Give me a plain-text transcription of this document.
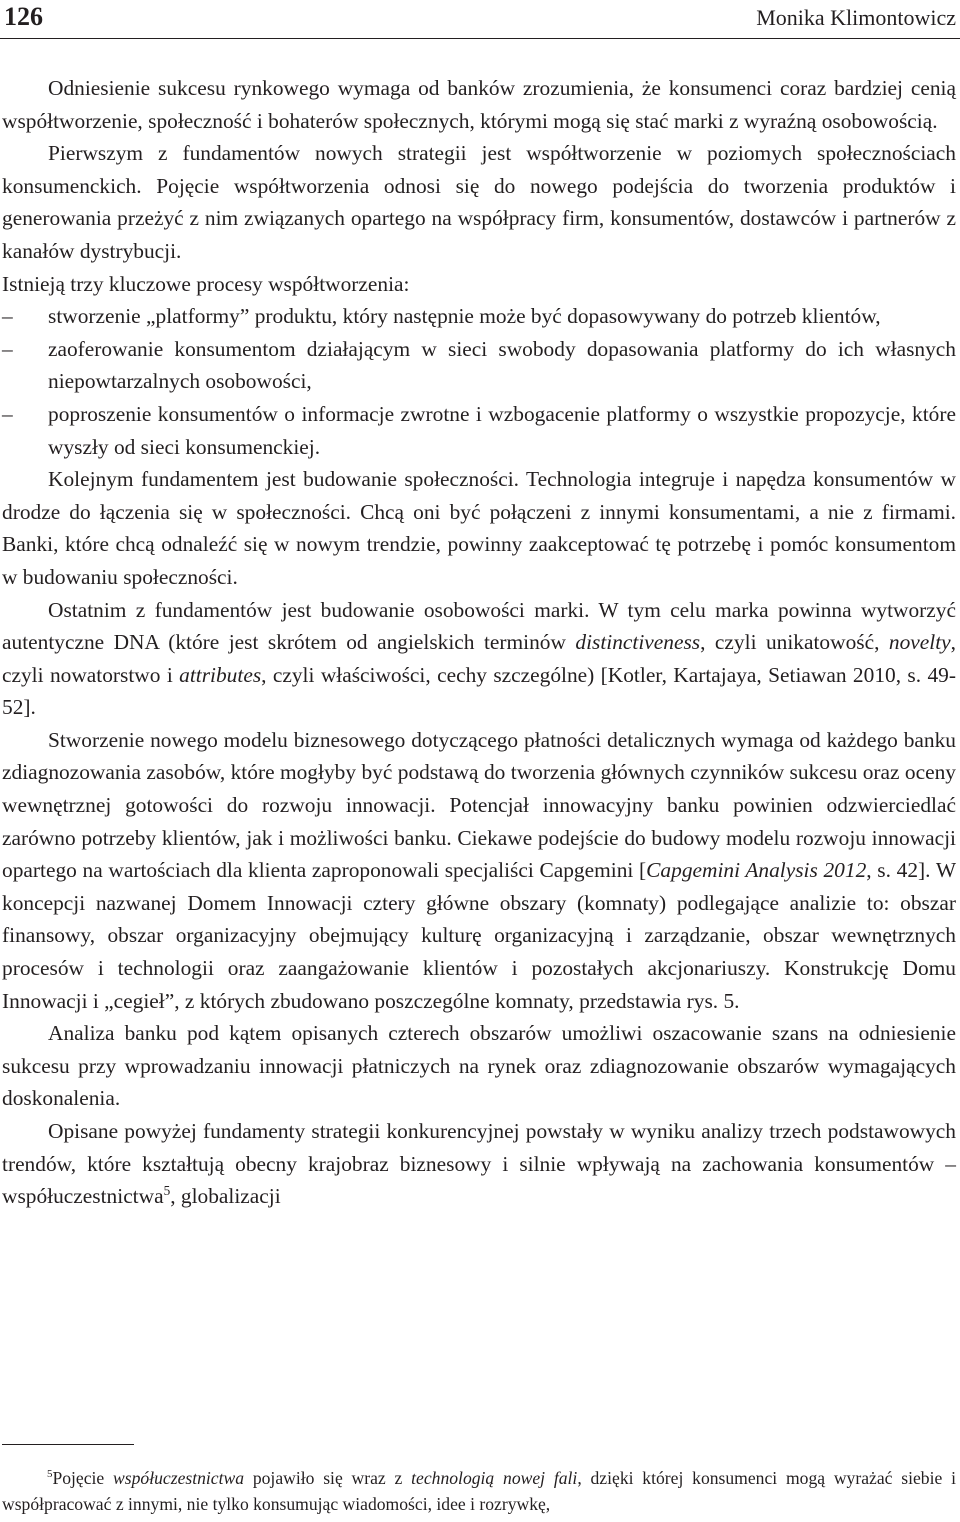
126	Monika Klimontowicz

Odniesienie sukcesu rynkowego wymaga od banków zrozumienia, że konsumenci coraz bardziej cenią współtworzenie, społeczność i bohaterów społecznych, którymi mogą się stać marki z wyraźną osobowością.

Pierwszym z fundamentów nowych strategii jest współtworzenie w poziomych społecznościach konsumenckich. Pojęcie współtworzenia odnosi się do nowego podejścia do tworzenia produktów i generowania przeżyć z nim związanych opartego na współpracy firm, konsumentów, dostawców i partnerów z kanałów dystrybucji.

Istnieją trzy kluczowe procesy współtworzenia:

–	stworzenie „platformy” produktu, który następnie może być dopasowywany do potrzeb klientów,
–	zaoferowanie konsumentom działającym w sieci swobody dopasowania platformy do ich własnych niepowtarzalnych osobowości,
–	poproszenie konsumentów o informacje zwrotne i wzbogacenie platformy o wszystkie propozycje, które wyszły od sieci konsumenckiej.

Kolejnym fundamentem jest budowanie społeczności. Technologia integruje i napędza konsumentów w drodze do łączenia się w społeczności. Chcą oni być połączeni z innymi konsumentami, a nie z firmami. Banki, które chcą odnaleźć się w nowym trendzie, powinny zaakceptować tę potrzebę i pomóc konsumentom w budowaniu społeczności.

Ostatnim z fundamentów jest budowanie osobowości marki. W tym celu marka powinna wytworzyć autentyczne DNA (które jest skrótem od angielskich terminów distinctiveness, czyli unikatowość, novelty, czyli nowatorstwo i attributes, czyli właściwości, cechy szczególne) [Kotler, Kartajaya, Setiawan 2010, s. 49-52].

Stworzenie nowego modelu biznesowego dotyczącego płatności detalicznych wymaga od każdego banku zdiagnozowania zasobów, które mogłyby być podstawą do tworzenia głównych czynników sukcesu oraz oceny wewnętrznej gotowości do rozwoju innowacji. Potencjał innowacyjny banku powinien odzwierciedlać zarówno potrzeby klientów, jak i możliwości banku. Ciekawe podejście do budowy modelu rozwoju innowacji opartego na wartościach dla klienta zaproponowali specjaliści Capgemini [Capgemini Analysis 2012, s. 42]. W koncepcji nazwanej Domem Innowacji cztery główne obszary (komnaty) podlegające analizie to: obszar finansowy, obszar organizacyjny obejmujący kulturę organizacyjną i zarządzanie, obszar wewnętrznych procesów i technologii oraz zaangażowanie klientów i pozostałych akcjonariuszy. Konstrukcję Domu Innowacji i „cegieł”, z których zbudowano poszczególne komnaty, przedstawia rys. 5.

Analiza banku pod kątem opisanych czterech obszarów umożliwi oszacowanie szans na odniesienie sukcesu przy wprowadzaniu innowacji płatniczych na rynek oraz zdiagnozowanie obszarów wymagających doskonalenia.

Opisane powyżej fundamenty strategii konkurencyjnej powstały w wyniku analizy trzech podstawowych trendów, które kształtują obecny krajobraz biznesowy i silnie wpływają na zachowania konsumentów – współuczestnictwa$^5$, globalizacji

$^5$Pojęcie współuczestnictwa pojawiło się wraz z technologią nowej fali, dzięki której konsumenci mogą wyrażać siebie i współpracować z innymi, nie tylko konsumując wiadomości, idee i rozrywkę,
